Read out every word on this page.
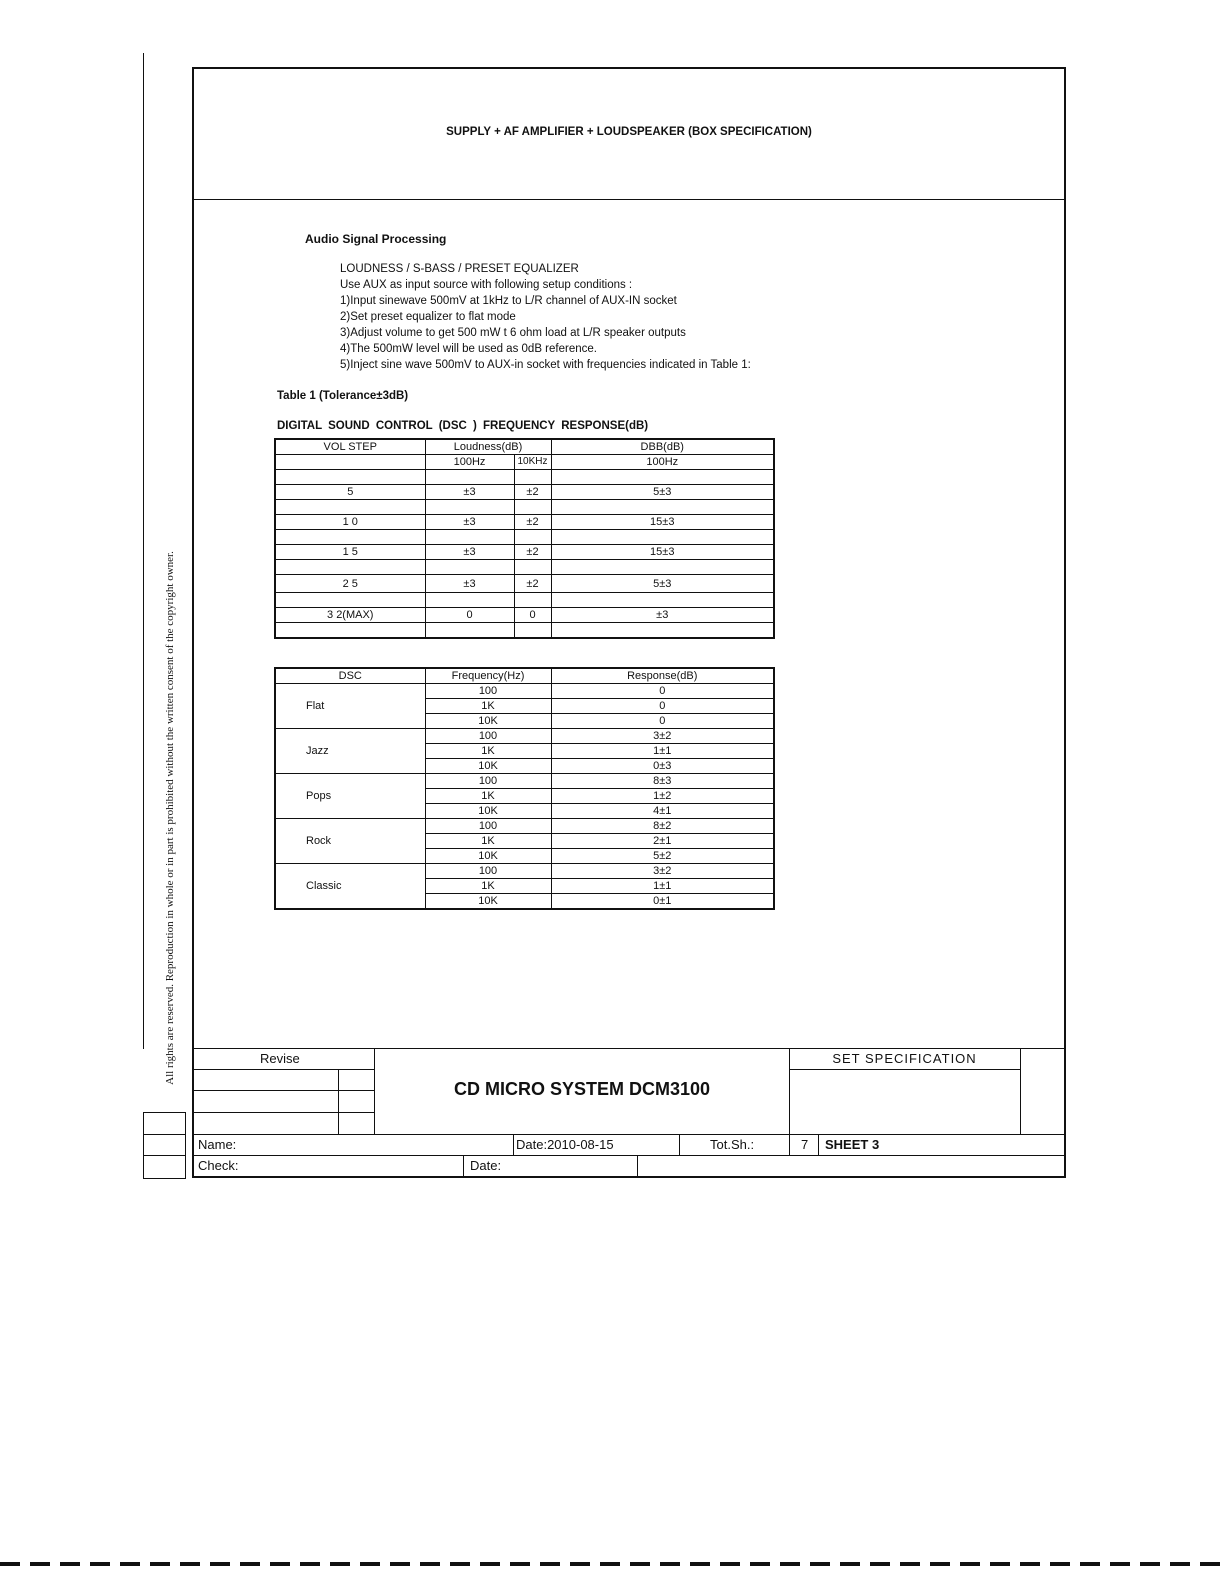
All rights are reserved. Reproduction in whole or in part is prohibited without the written consent of the copyright owner.
SUPPLY + AF AMPLIFIER + LOUDSPEAKER (BOX SPECIFICATION)
Audio Signal Processing
LOUDNESS / S-BASS / PRESET EQUALIZER
Use AUX as input source with following setup conditions :
1)Input sinewave 500mV at 1kHz to L/R channel of AUX-IN socket
2)Set preset equalizer to flat mode
3)Adjust volume to get 500 mW t 6 ohm load at L/R speaker outputs
4)The 500mW level will be used as 0dB reference.
5)Inject sine wave 500mV to AUX-in socket with frequencies indicated in Table 1:
Table 1 (Tolerance±3dB)
DIGITAL SOUND CONTROL (DSC ) FREQUENCY RESPONSE(dB)
VOL STEP	Loudness(dB)		DBB(dB)
	100Hz	10KHz	100Hz

5	±3	±2	5±3

1 0	±3	±2	15±3

1 5	±3	±2	15±3

2 5	±3	±2	5±3

3 2(MAX)	0	0	±3

DSC	Frequency(Hz)	Response(dB)
Flat	100	0
	1K	0
	10K	0
Jazz	100	3±2
	1K	1±1
	10K	0±3
Pops	100	8±3
	1K	1±2
	10K	4±1
Rock	100	8±2
	1K	2±1
	10K	5±2
Classic	100	3±2
	1K	1±1
	10K	0±1
Revise
CD MICRO SYSTEM DCM3100
SET SPECIFICATION
Name:	Date:2010-08-15	Tot.Sh.:	7 SHEET 3
Check:	Date:
